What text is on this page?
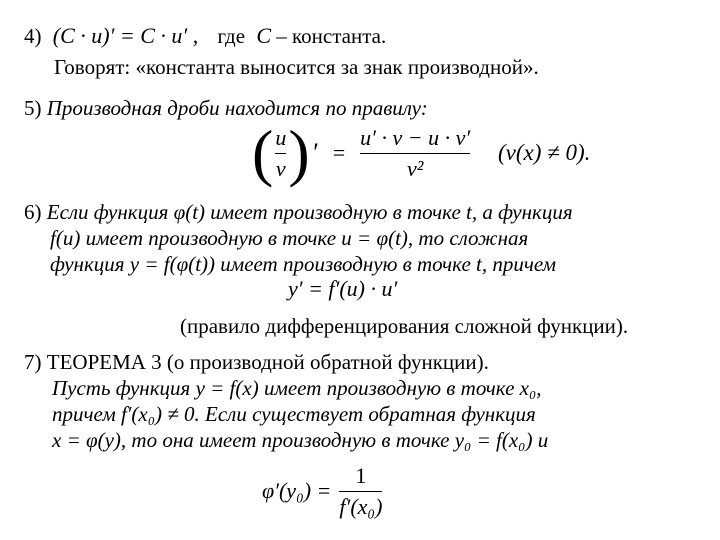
4) (C · u)′ = C · u′ , где C – константа.
Говорят: «константа выносится за знак производной».
5) Производная дроби находится по правилу:
( $\frac{u}{v}$ ) ′ = $\frac{u' \cdot v - u \cdot v'}{\text{v²}} (v(x) \ne 0)$.
6) Если функция φ(t) имеет производную в точке t, а функция
f(u) имеет производную в точке u = φ(t), то сложная
функция y = f(φ(t)) имеет производную в точке t, причем
y′ = f′(u) · u′
(правило дифференцирования сложной функции).
7) ТЕОРЕМА 3 (о производной обратной функции).
Пусть функция y = f(x) имеет производную в точке x₀,
причем f′(x₀) ≠ 0. Если существует обратная функция
x = φ(y), то она имеет производную в точке y₀ = f(x₀) и
$\varphi'(y_0) = \frac{1}{\text{f′(x₀)}}$
